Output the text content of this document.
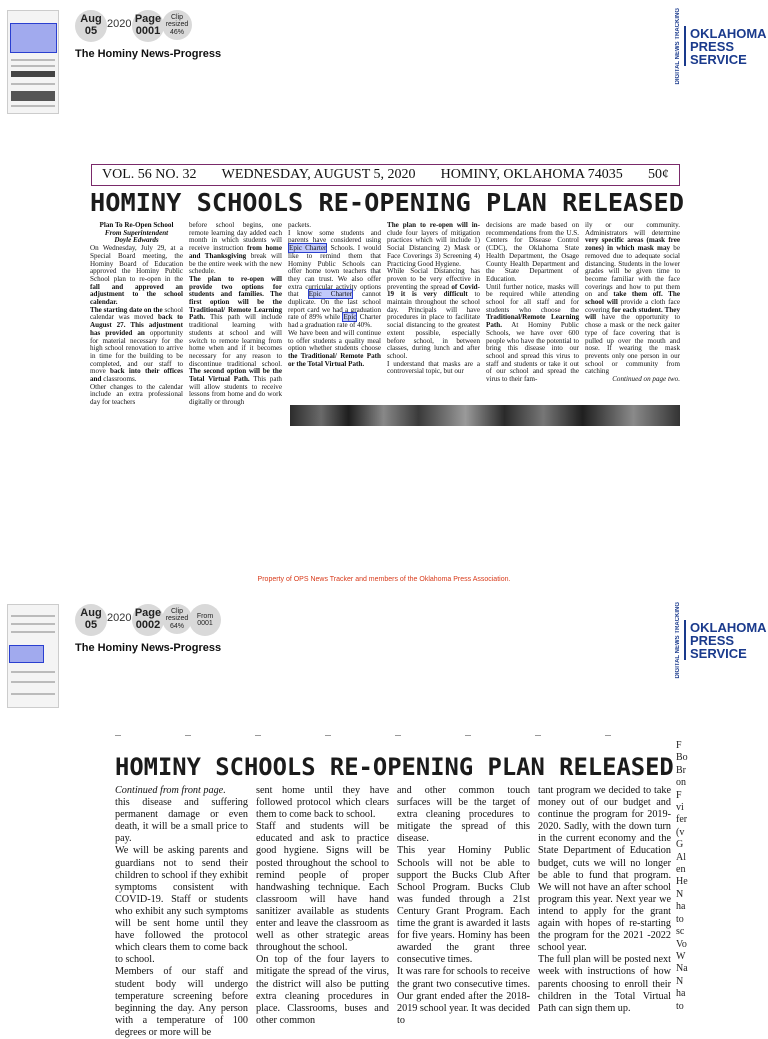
Aug
05
2020 Page
0001
Clip
resized
46%
The Hominy News-Progress	DIGITAL NEWS TRACKING OKLAHOMA
PRESS
SERVICE
VOL. 56 NO. 32 WEDNESDAY, AUGUST 5, 2020 HOMINY, OKLAHOMA 74035 50¢
HOMINY SCHOOLS RE-OPENING PLAN RELEASED

Plan To Re-Open School

From Superintendent

Doyle Edwards

On Wednesday, July 29, at a Special Board meeting, the Hominy Board of Education approved the Hominy Public School plan to re-open in the fall and approved an adjustment to the school calendar.

The starting date on the school calendar was moved back to August 27. This adjustment has provided an opportunity for material necessary for the high school renovation to arrive in time for the building to be completed, and our staff to move back into their offices and classrooms.

Other changes to the calendar include an extra professional day for teachers

before school begins, one remote learning day added each month in which students will receive instruction from home and Thanksgiving break will be the entire week with the new schedule.

The plan to re-open will provide two options for students and families. The first option will be the Traditional/ Remote Learning Path. This path will include traditional learning with students at school and will switch to remote learning from home when and if it becomes necessary for any reason to discontinue traditional school. The second option will be the Total Virtual Path. This path will allow students to receive lessons from home and do work digitally or through

packets.

I know some students and parents have considered using Epic Charter Schools. I would like to remind them that Hominy Public Schools can offer home town teachers that they can trust. We also offer extra curricular activity options that Epic Charter cannot duplicate. On the last school report card we had a graduation rate of 89% while Epic Charter had a graduation rate of 40%.

We have been and will continue to offer students a quality meal option whether students choose the Traditional/ Remote Path or the Total Virtual Path.

The plan to re-open will in- clude four layers of mitigation practices which will include 1) Social Distancing 2) Mask or Face Coverings 3) Screening 4) Practicing Good Hygiene.

While Social Distancing has proven to be very effective in preventing the spread of Covid-19 it is very difficult to maintain throughout the school day. Principals will have procedures in place to facilitate social distancing to the greatest extent possible, especially before school, in between classes, during lunch and after school.

I understand that masks are a controversial topic, but our

decisions are made based on recommendations from the U.S. Centers for Disease Control (CDC), the Oklahoma State Health Department, the Osage County Health Department and the State Department of Education.

Until further notice, masks will be required while attending school for all staff and for students who choose the Traditional/Remote Learning Path. At Hominy Public Schools, we have over 600 people who have the potential to bring this disease into our school and spread this virus to staff and students or take it out of our school and spread the virus to their fam-

ily or our community. Administrators will determine very specific areas (mask free zones) in which mask may be removed due to adequate social distancing. Students in the lower grades will be given time to become familiar with the face coverings and how to put them on and take them off. The school will provide a cloth face covering for each student. They will have the opportunity to chose a mask or the neck gaiter type of face covering that is pulled up over the mouth and nose. If wearing the mask prevents only one person in our school or community from catching

Continued on page two.

Property of OPS News Tracker and members of the Oklahoma Press Association.
Aug
05
2020 Page
0002
Clip
resized
64%
From
0001
The Hominy News-Progress	DIGITAL NEWS TRACKING OKLAHOMA
PRESS
SERVICE
HOMINY SCHOOLS RE-OPENING PLAN RELEASED

Continued from front page.

this disease and suffering permanent damage or even death, it will be a small price to pay.

We will be asking parents and guardians not to send their children to school if they exhibit symptoms consistent with COVID-19. Staff or students who exhibit any such symptoms will be sent home until they have followed the protocol which clears them to come back to school.

Members of our staff and student body will undergo temperature screening before beginning the day. Any person with a temperature of 100 degrees or more will be

sent home until they have followed protocol which clears them to come back to school.

Staff and students will be educated and ask to practice good hygiene. Signs will be posted throughout the school to remind people of proper handwashing technique. Each classroom will have hand sanitizer available as students enter and leave the classroom as well as other strategic areas throughout the school.

On top of the four layers to mitigate the spread of the virus, the district will also be putting extra cleaning procedures in place. Classrooms, buses and other common

and other common touch surfaces will be the target of extra cleaning procedures to mitigate the spread of this disease.

This year Hominy Public Schools will not be able to support the Bucks Club After School Program. Bucks Club was funded through a 21st Century Grant Program. Each time the grant is awarded it lasts for five years. Hominy has been awarded the grant three consecutive times.

It was rare for schools to receive the grant two consecutive times. Our grant ended after the 2018-2019 school year. It was decided to

tant program we decided to take money out of our budget and continue the program for 2019-2020. Sadly, with the down turn in the current economy and the State Department of Education budget, cuts we will no longer be able to fund that program. We will not have an after school program this year. Next year we intend to apply for the grant again with hopes of re-starting the program for the 2021 -2022 school year.

The full plan will be posted next week with instructions of how parents choosing to enroll their children in the Total Virtual Path can sign them up.

F
Bo
Br
on
F
vi
fer
(v
G
Al
en
He
N
ha
to
sc
Vo
W
Na
N
ha
to
